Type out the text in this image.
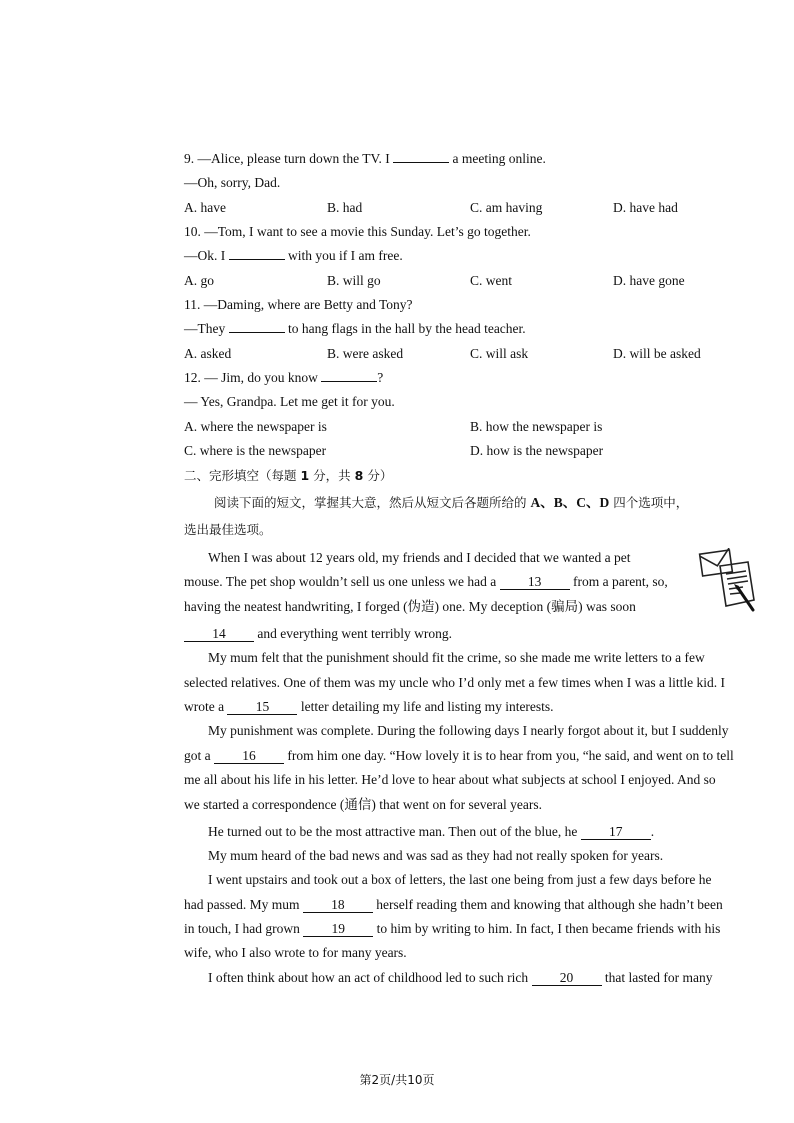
9. —Alice, please turn down the TV. I	a meeting online.
—Oh, sorry, Dad.
A. have	B. had	C. am having	D. have had
10. —Tom, I want to see a movie this Sunday. Let’s go together.
—Ok. I	with you if I am free.
A. go	B. will go	C. went	D. have gone
11. —Daming, where are Betty and Tony?
—They	to hang flags in the hall by the head teacher.
A. asked	B. were asked	C. will ask	D. will be asked
12. — Jim, do you know	?
— Yes, Grandpa. Let me get it for you.
A. where the newspaper is	B. how the newspaper is
C. where is the newspaper	D. how is the newspaper
二、完形填空（每题 1 分，共 8 分）
阅读下面的短文，掌握其大意，然后从短文后各题所给的 A、B、C、D 四个选项中，
选出最佳选项。
When I was about 12 years old, my friends and I decided that we wanted a pet
mouse. The pet shop wouldn’t sell us one unless we had a 13 from a parent, so,
having the neatest handwriting, I forged (伪造) one. My deception (骗局) was soon
14 and everything went terribly wrong.
My mum felt that the punishment should fit the crime, so she made me write letters to a few
selected relatives. One of them was my uncle who I’d only met a few times when I was a little kid. I
wrote a 15 letter detailing my life and listing my interests.
My punishment was complete. During the following days I nearly forgot about it, but I suddenly
got a 16 from him one day. “How lovely it is to hear from you, “he said, and went on to tell
me all about his life in his letter. He’d love to hear about what subjects at school I enjoyed. And so
we started a correspondence (通信) that went on for several years.
He turned out to be the most attractive man. Then out of the blue, he 17 .
My mum heard of the bad news and was sad as they had not really spoken for years.
I went upstairs and took out a box of letters, the last one being from just a few days before he
had passed. My mum 18 herself reading them and knowing that although she hadn’t been
in touch, I had grown 19 to him by writing to him. In fact, I then became friends with his
wife, who I also wrote to for many years.
I often think about how an act of childhood led to such rich 20 that lasted for many
第2页/共10页
